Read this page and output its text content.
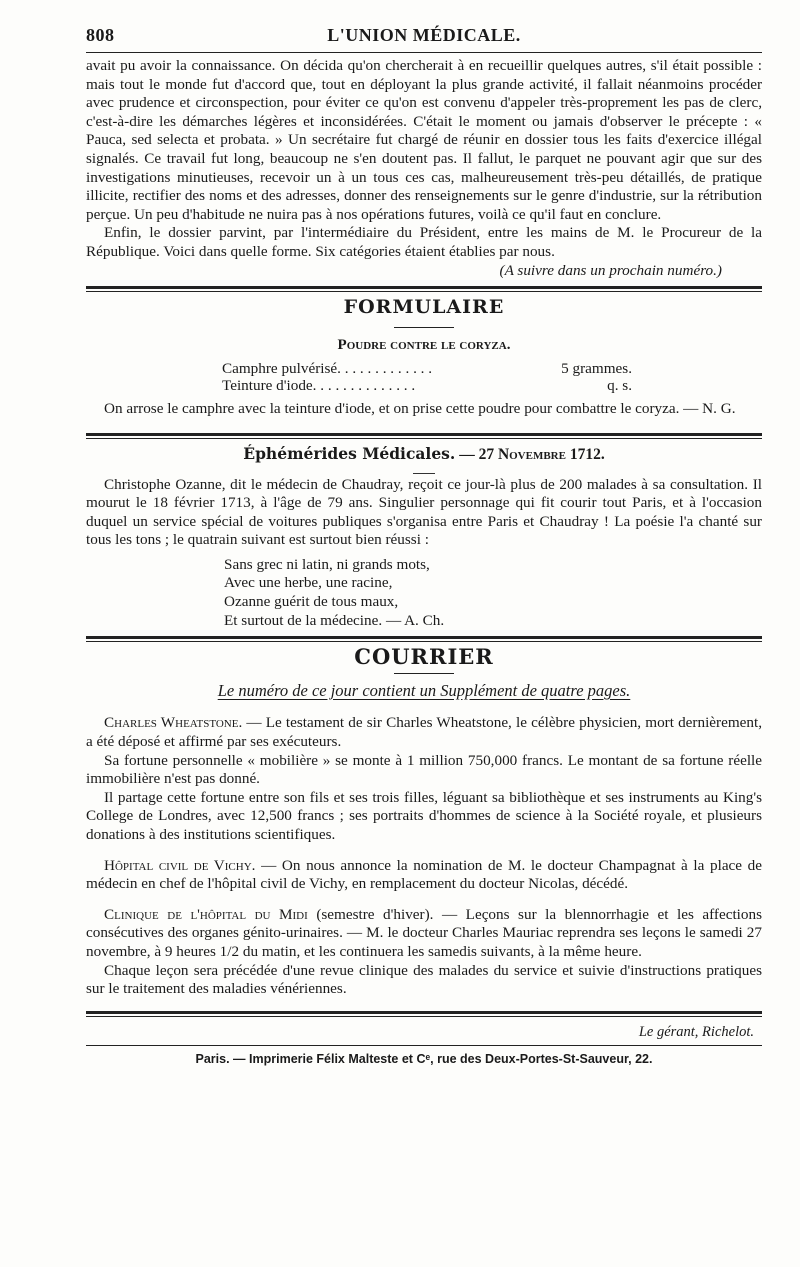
808	L'UNION MÉDICALE.

avait pu avoir la connaissance. On décida qu'on chercherait à en recueillir quelques autres, s'il était possible : mais tout le monde fut d'accord que, tout en déployant la plus grande activité, il fallait néanmoins procéder avec prudence et circonspection, pour éviter ce qu'on est convenu d'appeler très-proprement les pas de clerc, c'est-à-dire les démarches légères et inconsidérées. C'était le moment ou jamais d'observer le précepte : « Pauca, sed selecta et probata. » Un secrétaire fut chargé de réunir en dossier tous les faits d'exercice illégal signalés. Ce travail fut long, beaucoup ne s'en doutent pas. Il fallut, le parquet ne pouvant agir que sur des investigations minutieuses, recevoir un à un tous ces cas, malheureusement très-peu détaillés, de pratique illicite, rectifier des noms et des adresses, donner des renseignements sur le genre d'industrie, sur la rétribution perçue. Un peu d'habitude ne nuira pas à nos opérations futures, voilà ce qu'il faut en conclure.

Enfin, le dossier parvint, par l'intermédiaire du Président, entre les mains de M. le Procureur de la République. Voici dans quelle forme. Six catégories étaient établies par nous.

(A suivre dans un prochain numéro.)

FORMULAIRE
Poudre contre le coryza.
Camphre pulvérisé. . . . . . . . . . . . .	5 grammes.
Teinture d'iode. . . . . . . . . . . . . .	q. s.

On arrose le camphre avec la teinture d'iode, et on prise cette poudre pour combattre le coryza. — N. G.

Éphémérides Médicales. — 27 Novembre 1712.

Christophe Ozanne, dit le médecin de Chaudray, reçoit ce jour-là plus de 200 malades à sa consultation. Il mourut le 18 février 1713, à l'âge de 79 ans. Singulier personnage qui fit courir tout Paris, et à l'occasion duquel un service spécial de voitures publiques s'organisa entre Paris et Chaudray ! La poésie l'a chanté sur tous les tons ; le quatrain suivant est surtout bien réussi :

Sans grec ni latin, ni grands mots,
Avec une herbe, une racine,
Ozanne guérit de tous maux,
Et surtout de la médecine. — A. Ch.
COURRIER
Le numéro de ce jour contient un Supplément de quatre pages.

Charles Wheatstone. — Le testament de sir Charles Wheatstone, le célèbre physicien, mort dernièrement, a été déposé et affirmé par ses exécuteurs.

Sa fortune personnelle « mobilière » se monte à 1 million 750,000 francs. Le montant de sa fortune réelle immobilière n'est pas donné.

Il partage cette fortune entre son fils et ses trois filles, léguant sa bibliothèque et ses instruments au King's College de Londres, avec 12,500 francs ; ses portraits d'hommes de science à la Société royale, et plusieurs donations à des institutions scientifiques.

Hôpital civil de Vichy. — On nous annonce la nomination de M. le docteur Champagnat à la place de médecin en chef de l'hôpital civil de Vichy, en remplacement du docteur Nicolas, décédé.

Clinique de l'hôpital du Midi (semestre d'hiver). — Leçons sur la blennorrhagie et les affections consécutives des organes génito-urinaires. — M. le docteur Charles Mauriac reprendra ses leçons le samedi 27 novembre, à 9 heures 1/2 du matin, et les continuera les samedis suivants, à la même heure.

Chaque leçon sera précédée d'une revue clinique des malades du service et suivie d'instructions pratiques sur le traitement des maladies vénériennes.

Le gérant, Richelot.
Paris. — Imprimerie Félix Malteste et Cᵉ, rue des Deux-Portes-St-Sauveur, 22.
